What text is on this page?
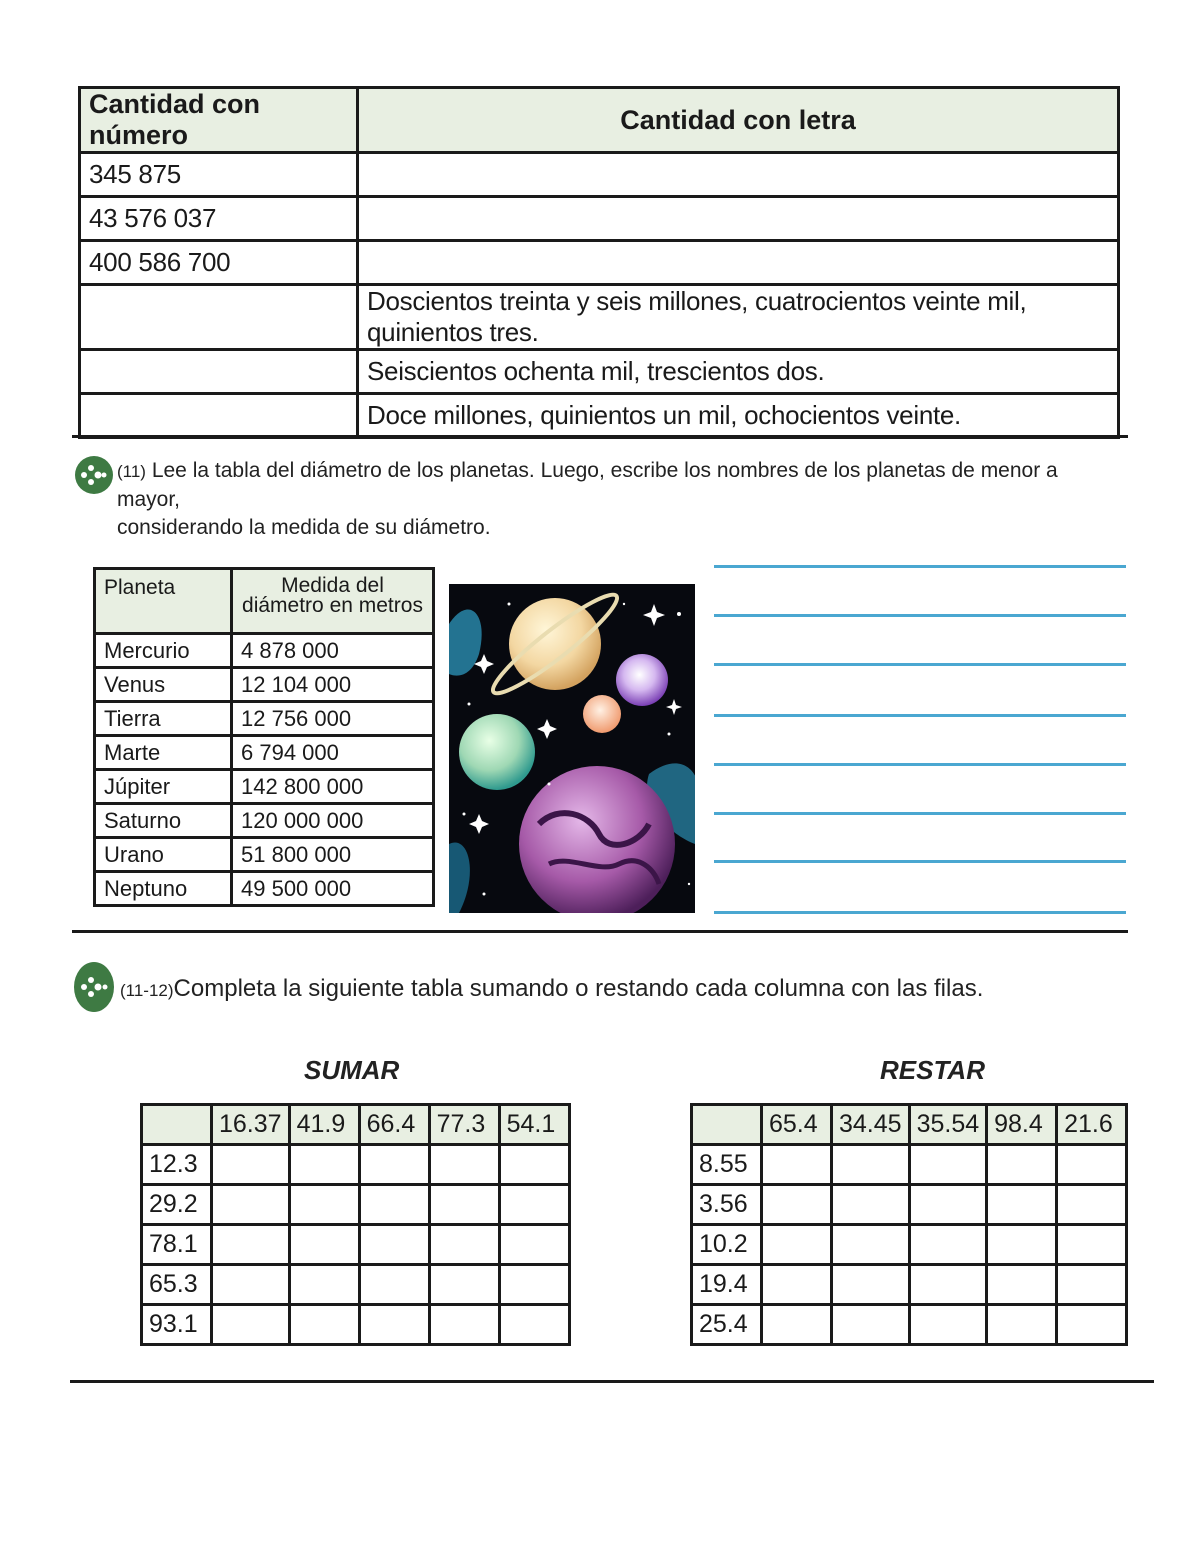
Cantidad con número	Cantidad con letra
345 875	
43 576 037	
400 586 700	
	Doscientos treinta y seis millones, cuatrocientos veinte mil, quinientos tres.
	Seiscientos ochenta mil, trescientos dos.
	Doce millones, quinientos un mil, ochocientos veinte.
(11) Lee la tabla del diámetro de los planetas. Luego, escribe los nombres de los planetas de menor a mayor,
considerando la medida de su diámetro.
Planeta	Medida del
diámetro en metros

Mercurio	4 878 000
Venus	12 104 000
Tierra	12 756 000
Marte	6 794 000
Júpiter	142 800 000
Saturno	120 000 000
Urano	51 800 000
Neptuno	49 500 000
(11-12)Completa la siguiente tabla sumando o restando cada columna con las filas.
SUMAR	RESTAR
	16.37	41.9	66.4	77.3	54.1
12.3					
29.2					
78.1					
65.3					
93.1					
	65.4	34.45	35.54	98.4	21.6
8.55					
3.56					
10.2					
19.4					
25.4					
